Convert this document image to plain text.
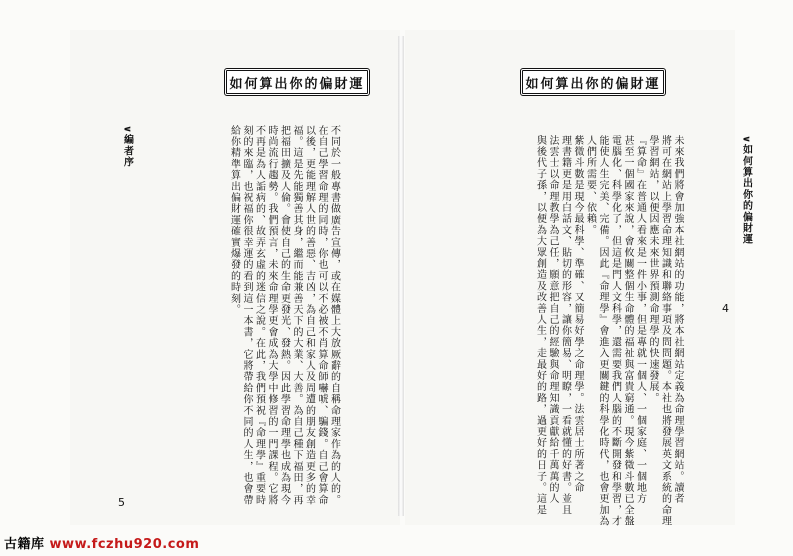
如何算出你的偏財運	如何算出你的偏財運
∨如何算出你的偏財運
∨編者序	未來我們將會加強本社網站的功能，將本社網站定義為命理學習網站。讀者
將可在網站上學習命理知識和聯絡事項及問問題。本社也將發展英文系統的命理
學習網站，以便因應未來世界預測命理學的快速發展。
『算命』在普通人看來是一件小事，但是專就一個人、一個家庭、一個地方
甚至一個國家來說，會攸關整個生命體的福祉與富貴窮通。現今紫微斗數已全盤
電腦化、科學化了，但這是門人文科學，還需要我們人腦的不斷開發和學習，才
能使人生完美、完備。因此『命理學』會進入更關鍵的科學化時代，也會更加為
人們所需要、依賴。
紫微斗數是現今最科學、準確、又簡易好學之命理學。法雲居士所著之命
理書籍更是用白話文、貼切的形容，讓你簡易、明瞭，一看就懂的好書。並且
法雲士以命理教學為己任，願意把自己的經驗與命理知識貢獻給千萬萬的人
與後代子孫，以便為大眾創造及改善人生，走最好的路，過更好的日子。這是
不同於一般專書做廣告宣傳，或在媒體上大放厥辭的自稱命理家作為的人的。
在自己學習命理的同時，你也可以不必被不肖算命師嚇唬、騙錢。自己會算命
以後，更能理解人世的善惡、吉凶，為自己和家人及周遭的朋友創造更多的幸
福。這是先能獨善其身，繼而能兼善天下的大業、大善。為自己種下福田，再
把福田擴及人倫。會使自己的生命更發光、發熱。因此學習命理學也成為現今
時尚流行趨勢。我們預言，未來命理學更會成為大學中修習的一門課程。它將
不再是為人詬病的、故弄玄虛的迷信之說。在此，我們預祝『命理學』重要時
刻的來臨，也祝福你很幸運的看到這一本書，它將帶給你不同的人生，也會帶
給你精準算出偏財運確實爆發的時刻。
5
4
古籍库 www.fczhu920.com
